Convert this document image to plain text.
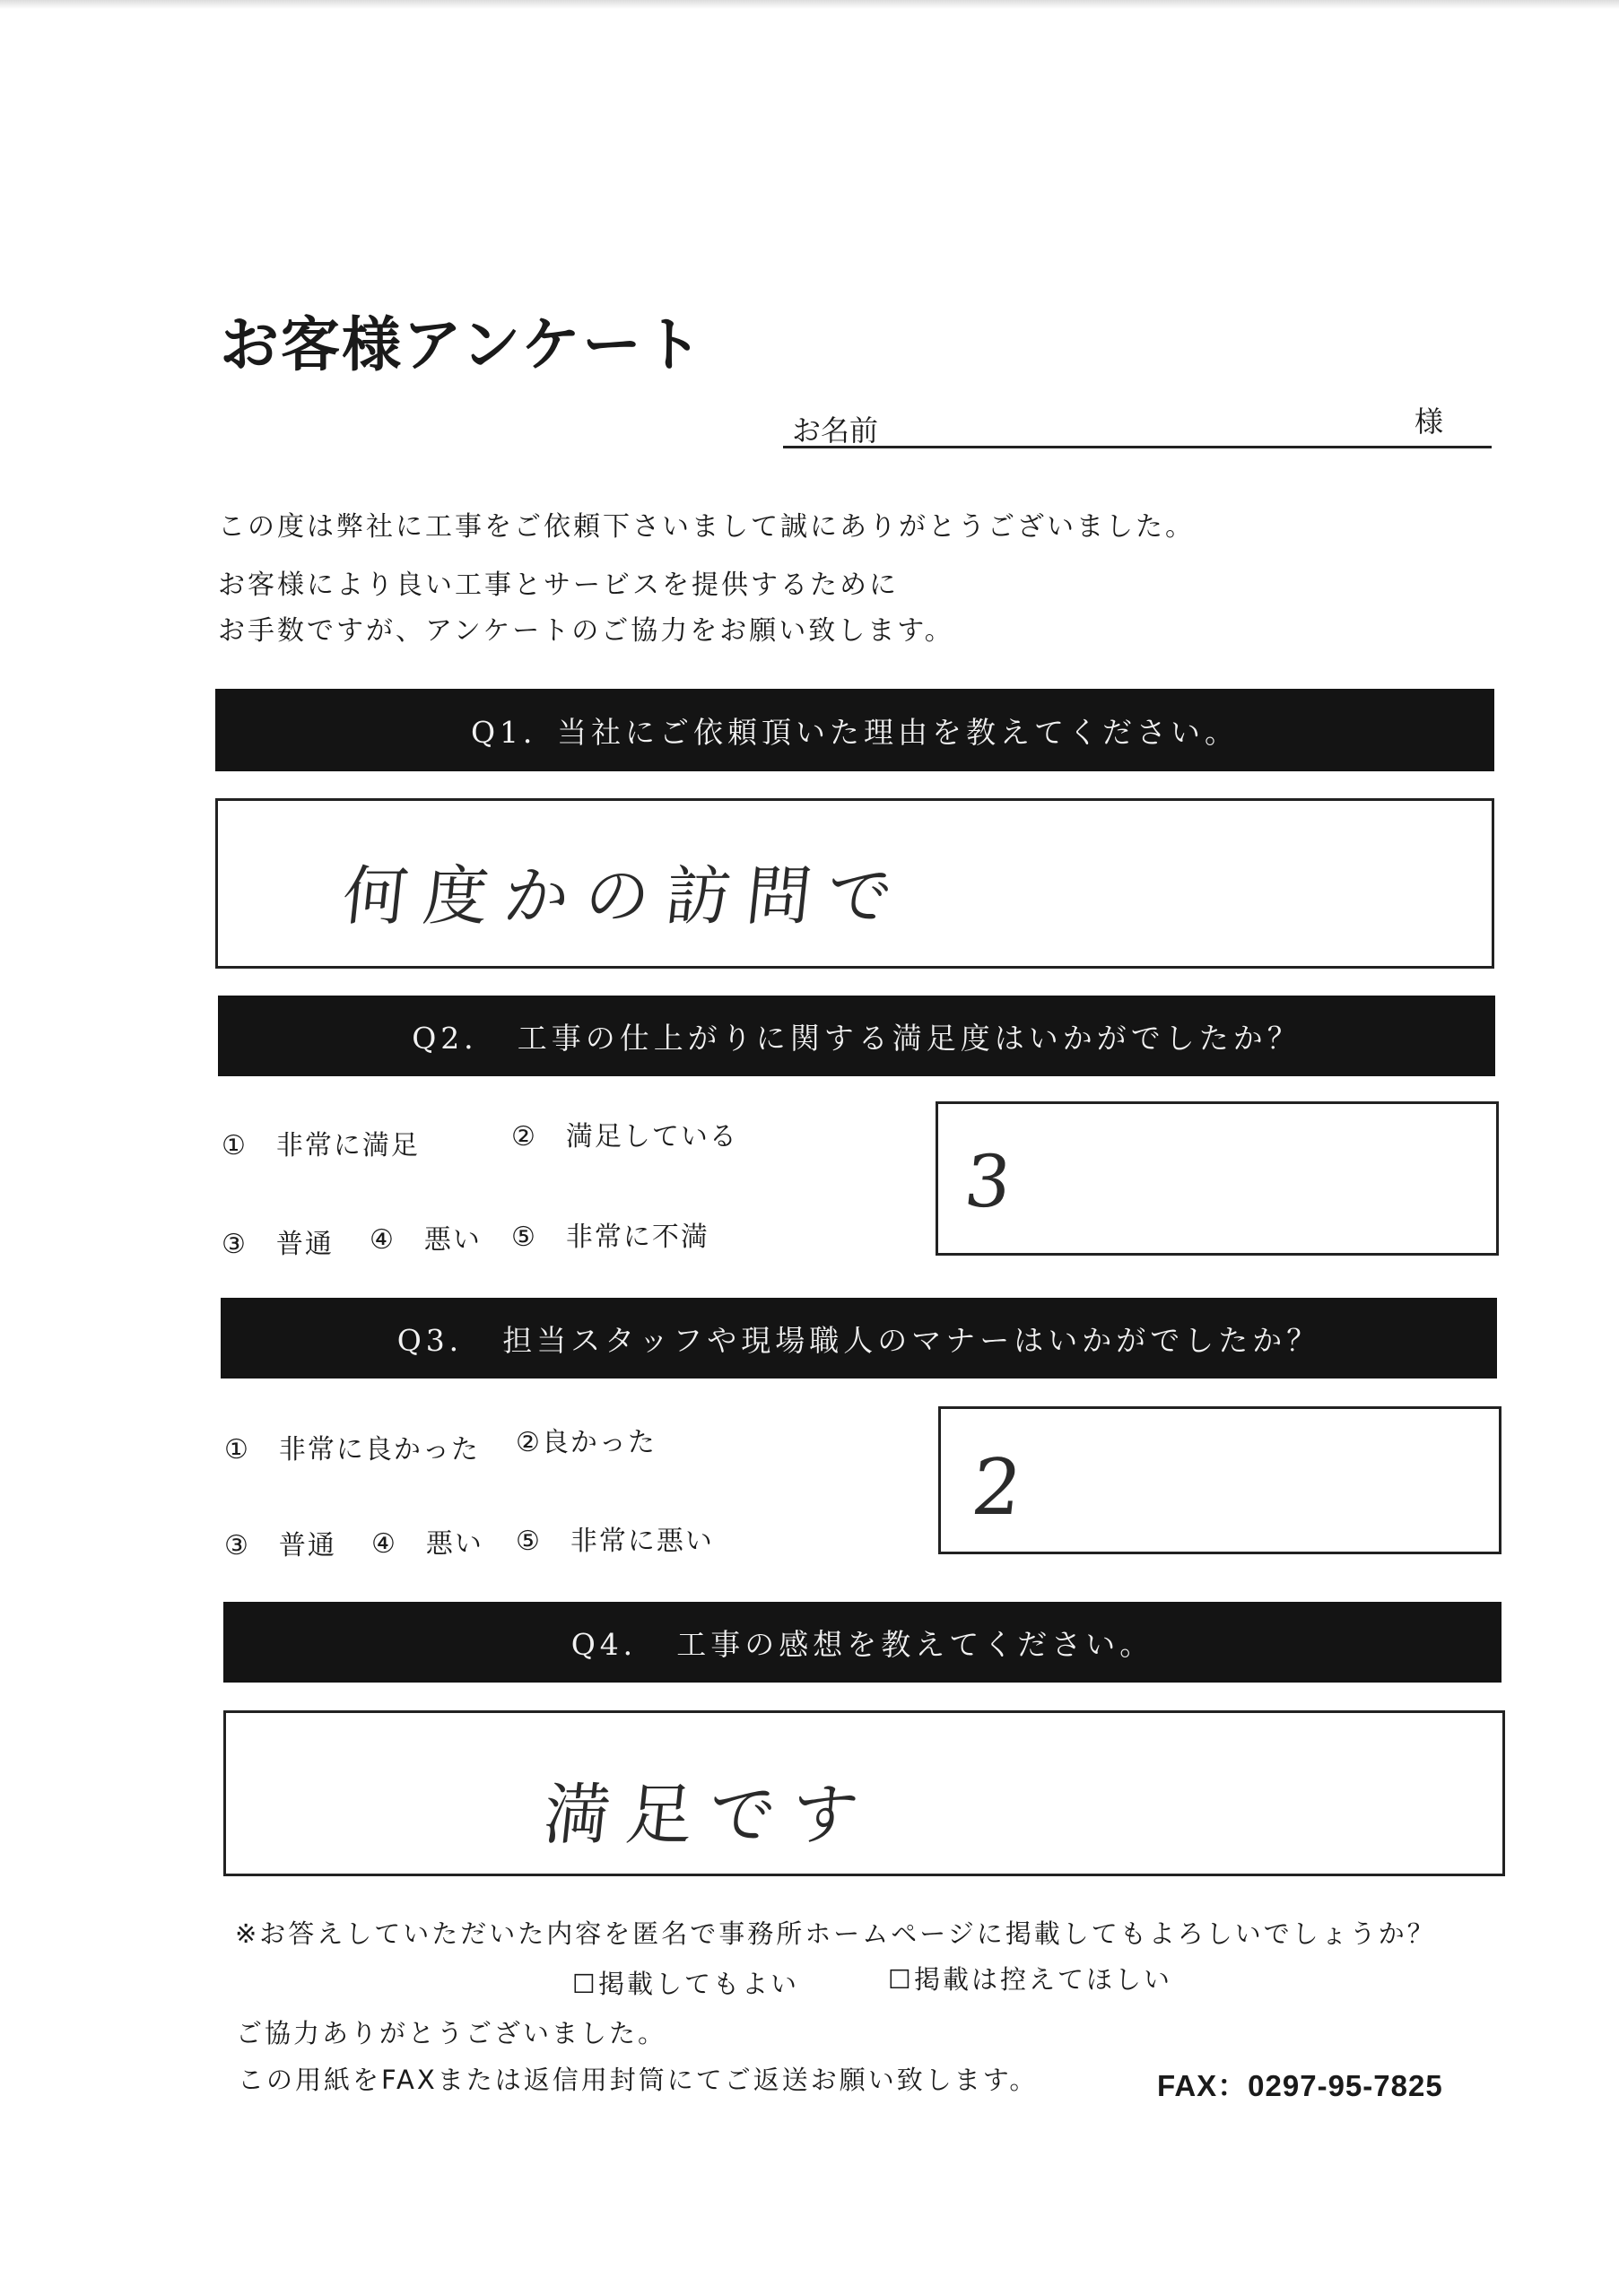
お客様アンケート
お名前	様
この度は弊社に工事をご依頼下さいまして誠にありがとうございました。
お客様により良い工事とサービスを提供するために
お手数ですが、アンケートのご協力をお願い致します。
Q1．当社にご依頼頂いた理由を教えてください。
何度かの訪問で
Q2．　工事の仕上がりに関する満足度はいかがでしたか？
①　非常に満足	②　満足している
③　普通 ④　悪い ⑤　非常に不満
3
Q3．　担当スタッフや現場職人のマナーはいかがでしたか？
①　非常に良かった ②良かった
③　普通 ④　悪い ⑤　非常に悪い
2
Q4．　工事の感想を教えてください。
満足です
※お答えしていただいた内容を匿名で事務所ホームページに掲載してもよろしいでしょうか？
☐掲載してもよい	☐掲載は控えてほしい
ご協力ありがとうございました。
この用紙をFAXまたは返信用封筒にてご返送お願い致します。	FAX：0297-95-7825
